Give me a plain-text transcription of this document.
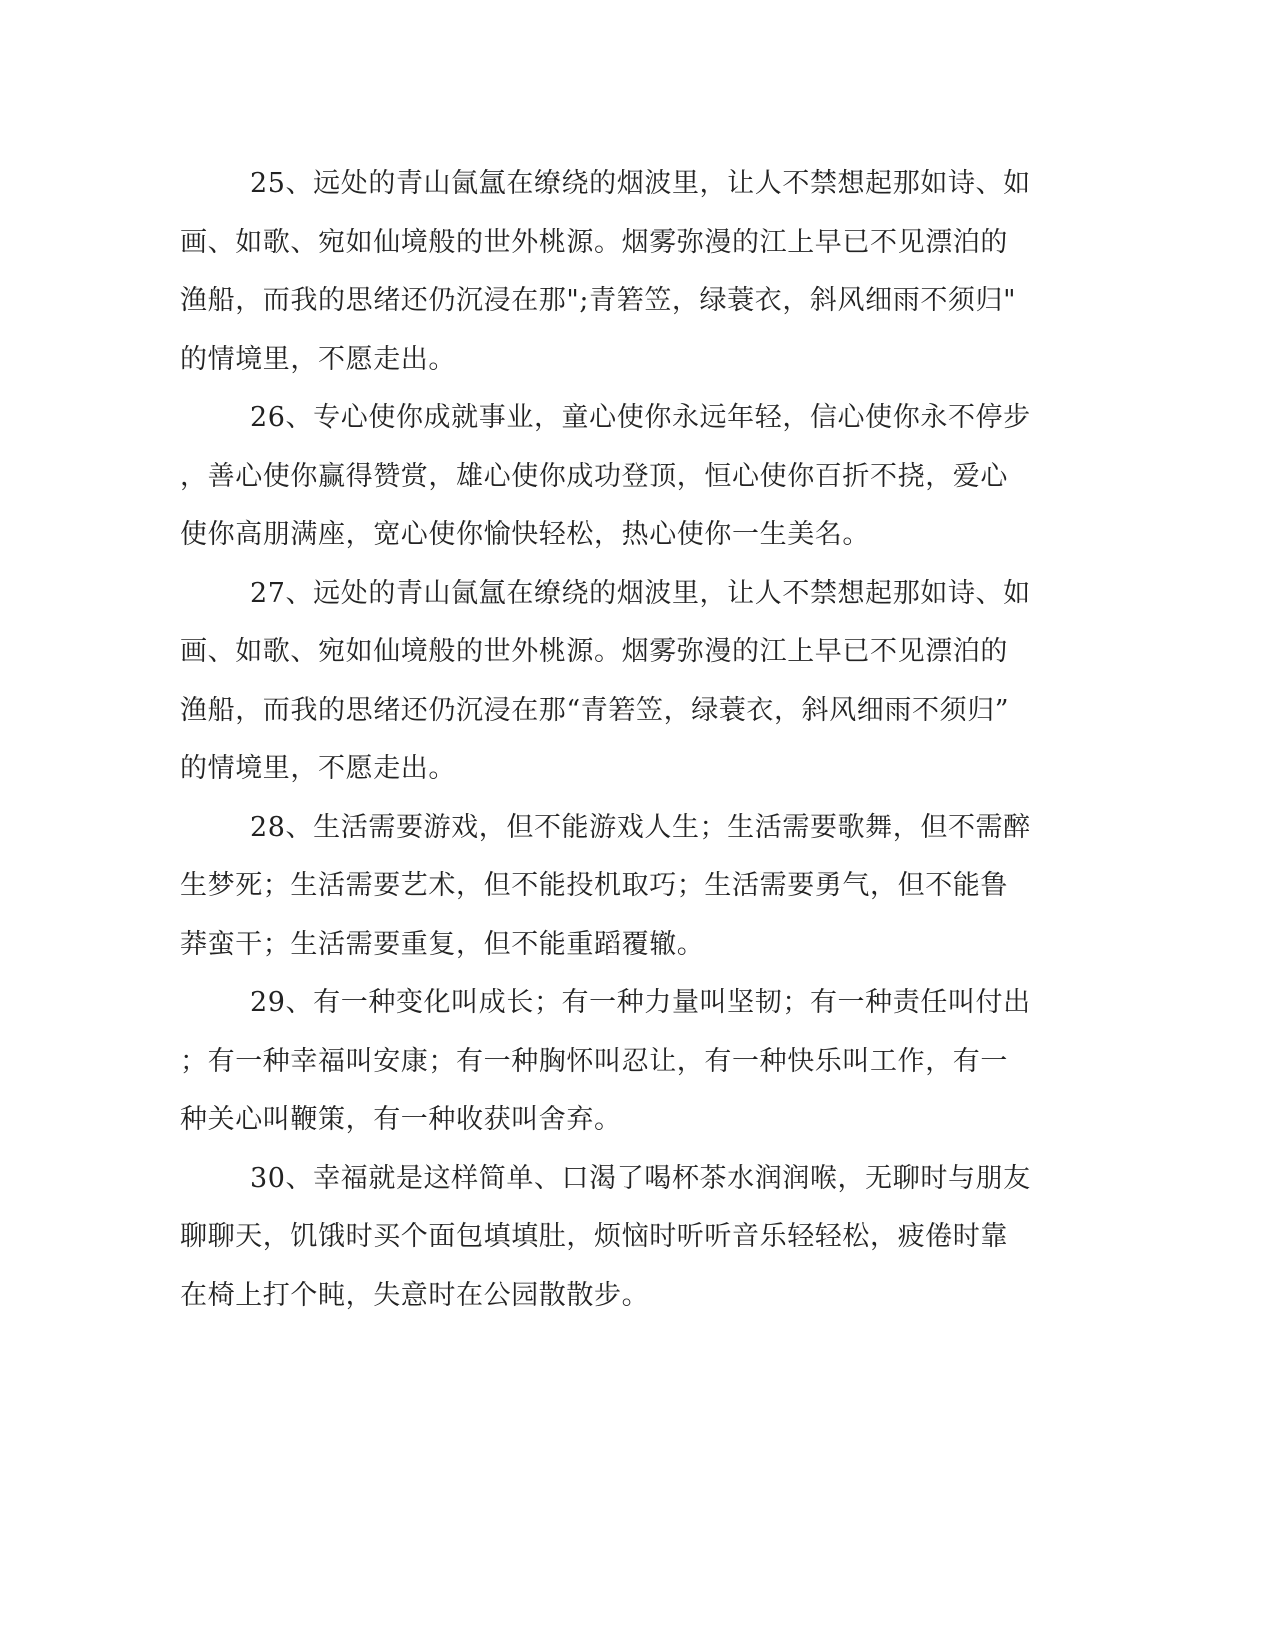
25、远处的青山氤氲在缭绕的烟波里，让人不禁想起那如诗、如
画、如歌、宛如仙境般的世外桃源。烟雾弥漫的江上早已不见漂泊的
渔船，而我的思绪还仍沉浸在那";青箬笠，绿蓑衣，斜风细雨不须归"
的情境里，不愿走出。
26、专心使你成就事业，童心使你永远年轻，信心使你永不停步
，善心使你赢得赞赏，雄心使你成功登顶，恒心使你百折不挠，爱心
使你高朋满座，宽心使你愉快轻松，热心使你一生美名。
27、远处的青山氤氲在缭绕的烟波里，让人不禁想起那如诗、如
画、如歌、宛如仙境般的世外桃源。烟雾弥漫的江上早已不见漂泊的
渔船，而我的思绪还仍沉浸在那“青箬笠，绿蓑衣，斜风细雨不须归”
的情境里，不愿走出。
28、生活需要游戏，但不能游戏人生；生活需要歌舞，但不需醉
生梦死；生活需要艺术，但不能投机取巧；生活需要勇气，但不能鲁
莽蛮干；生活需要重复，但不能重蹈覆辙。
29、有一种变化叫成长；有一种力量叫坚韧；有一种责任叫付出
；有一种幸福叫安康；有一种胸怀叫忍让，有一种快乐叫工作，有一
种关心叫鞭策，有一种收获叫舍弃。
30、幸福就是这样简单、口渴了喝杯茶水润润喉，无聊时与朋友
聊聊天，饥饿时买个面包填填肚，烦恼时听听音乐轻轻松，疲倦时靠
在椅上打个盹，失意时在公园散散步。
